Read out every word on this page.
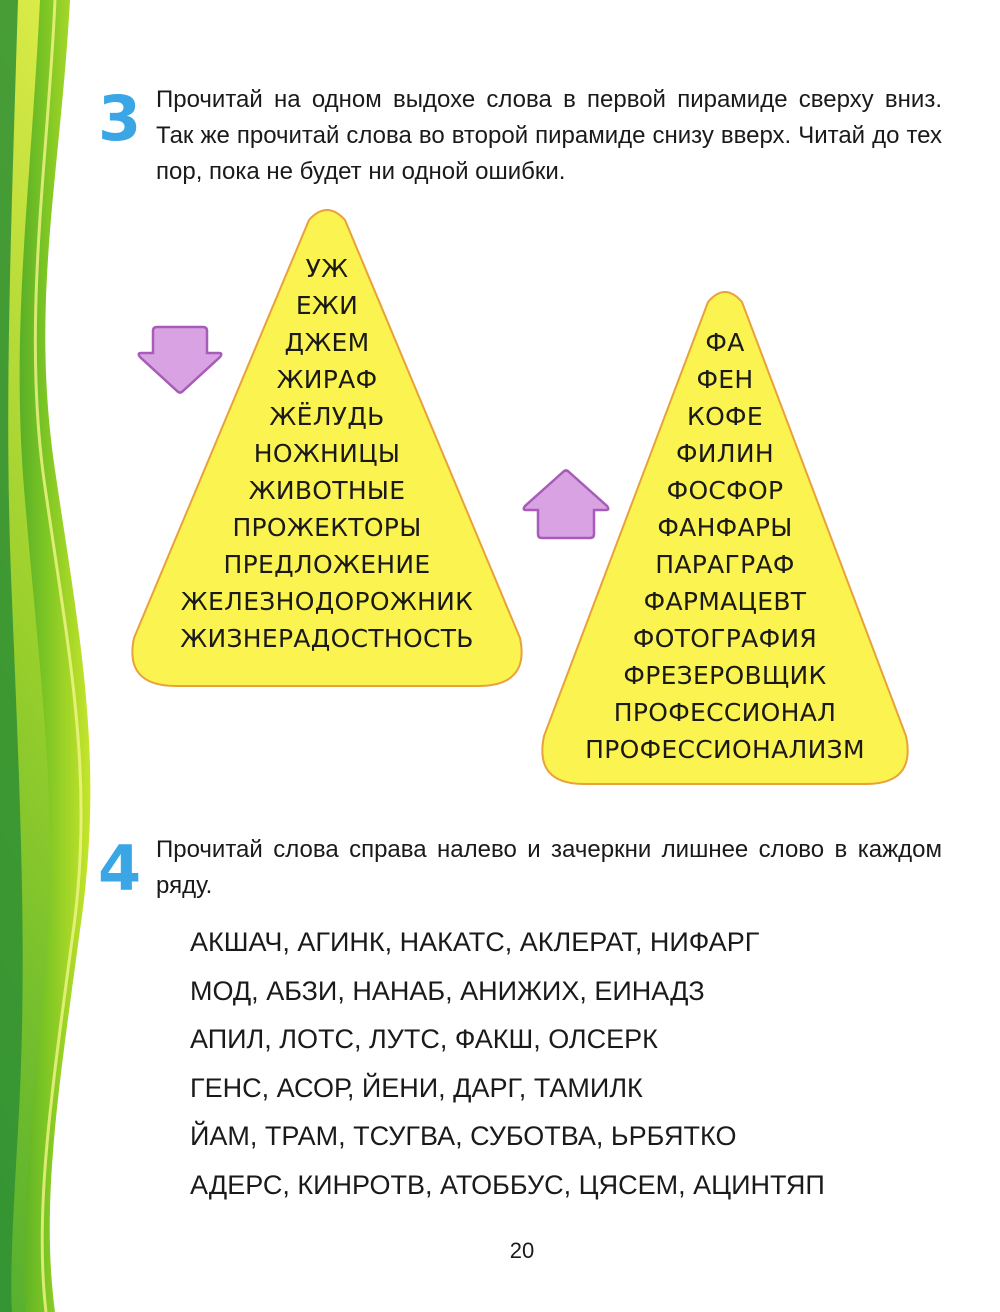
3 Прочитай на одном выдохе слова в первой пирамиде сверху вниз. Так же прочитай слова во второй пирамиде снизу вверх. Читай до тех пор, пока не будет ни одной ошибки.

УЖ
ЕЖИ
ДЖЕМ
ЖИРАФ
ЖЁЛУДЬ
НОЖНИЦЫ
ЖИВОТНЫЕ
ПРОЖЕКТОРЫ
ПРЕДЛОЖЕНИЕ
ЖЕЛЕЗНОДОРОЖНИК
ЖИЗНЕРАДОСТНОСТЬ
ФА
ФЕН
КОФЕ
ФИЛИН
ФОСФОР
ФАНФАРЫ
ПАРАГРАФ
ФАРМАЦЕВТ
ФОТОГРАФИЯ
ФРЕЗЕРОВЩИК
ПРОФЕССИОНАЛ
ПРОФЕССИОНАЛИЗМ
4 Прочитай слова справа налево и зачеркни лишнее слово в каждом ряду.

АКШАЧ, АГИНК, НАКАТС, АКЛЕРАТ, НИФАРГ
МОД, АБЗИ, НАНАБ, АНИЖИХ, ЕИНАДЗ
АПИЛ, ЛОТС, ЛУТС, ФАКШ, ОЛСЕРК
ГЕНС, АСОР, ЙЕНИ, ДАРГ, ТАМИЛК
ЙАМ, ТРАМ, ТСУГВА, СУБОТВА, ЬРБЯТКО
АДЕРС, КИНРОТВ, АТОББУС, ЦЯСЕМ, АЦИНТЯП
20
